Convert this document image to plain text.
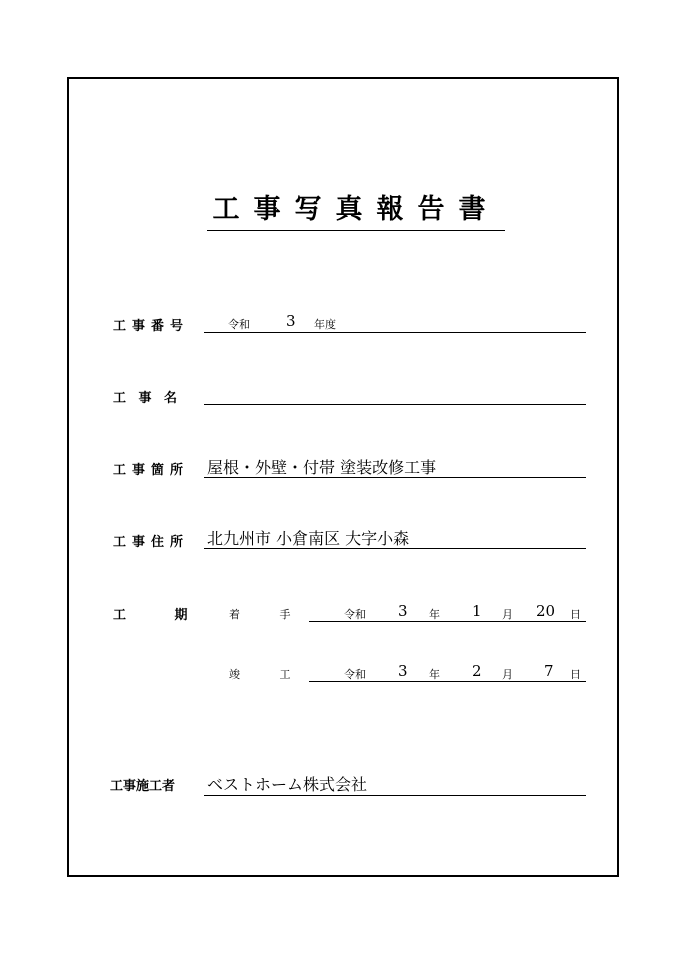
工事写真報告書
工事番号	令和 3 年度
工 事 名
工事箇所 屋根・外壁・付帯 塗装改修工事
工事住所 北九州市 小倉南区 大字小森
工 期	着 手	令和 3 年 1 月 20 日
竣 工	令和 3 年 2 月 7 日
工事施工者 ベストホーム株式会社
